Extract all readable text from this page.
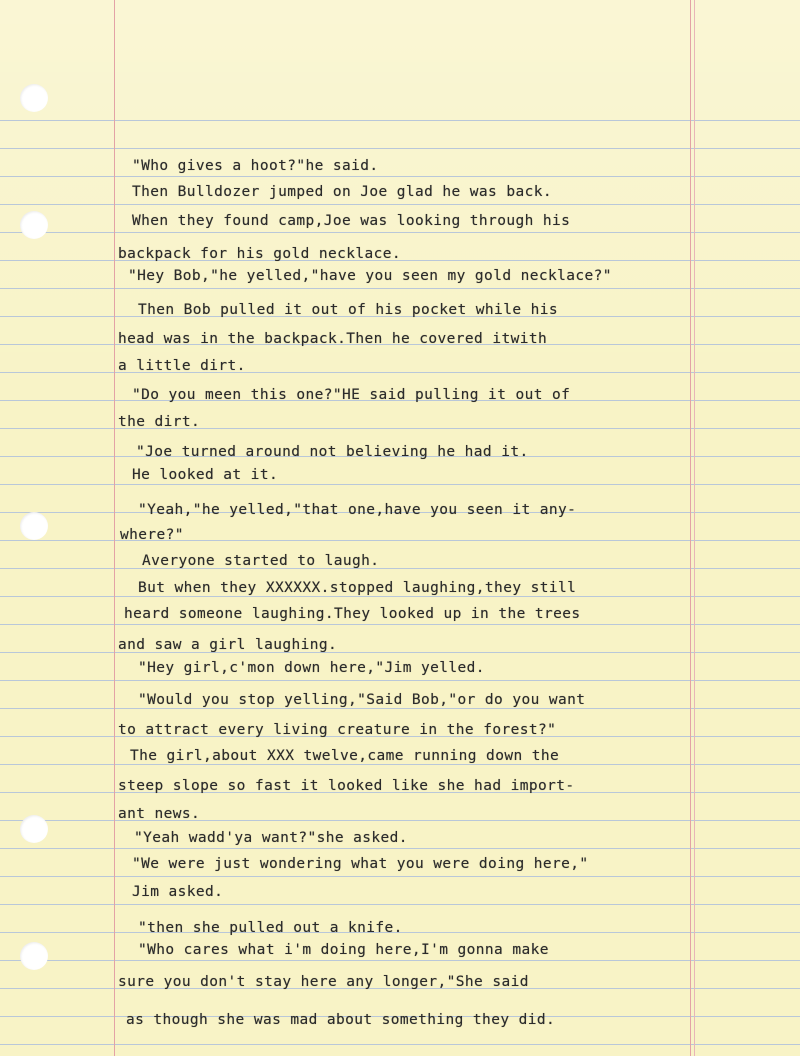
"Who gives a hoot?"he said.
Then Bulldozer jumped on Joe glad he was back.
When they found camp,Joe was looking through his
backpack for his gold necklace.
"Hey Bob,"he yelled,"have you seen my gold necklace?"
Then Bob pulled it out of his pocket while his
head was in the backpack.Then he covered itwith
a little dirt.
"Do you meen this one?"HE said pulling it out of
the dirt.
"Joe turned around not believing he had it.
He looked at it.
"Yeah,"he yelled,"that one,have you seen it any-
where?"
Averyone started to laugh.
But when they XXXXXX.stopped laughing,they still
heard someone laughing.They looked up in the trees
and saw a girl laughing.
"Hey girl,c'mon down here,"Jim yelled.
"Would you stop yelling,"Said Bob,"or do you want
to attract every living creature in the forest?"
The girl,about XXX twelve,came running down the
steep slope so fast it looked like she had import-
ant news.
"Yeah wadd'ya want?"she asked.
"We were just wondering what you were doing here,"
Jim asked.
"then she pulled out a knife.
"Who cares what i'm doing here,I'm gonna make
sure you don't stay here any longer,"She said
as though she was mad about something they did.
